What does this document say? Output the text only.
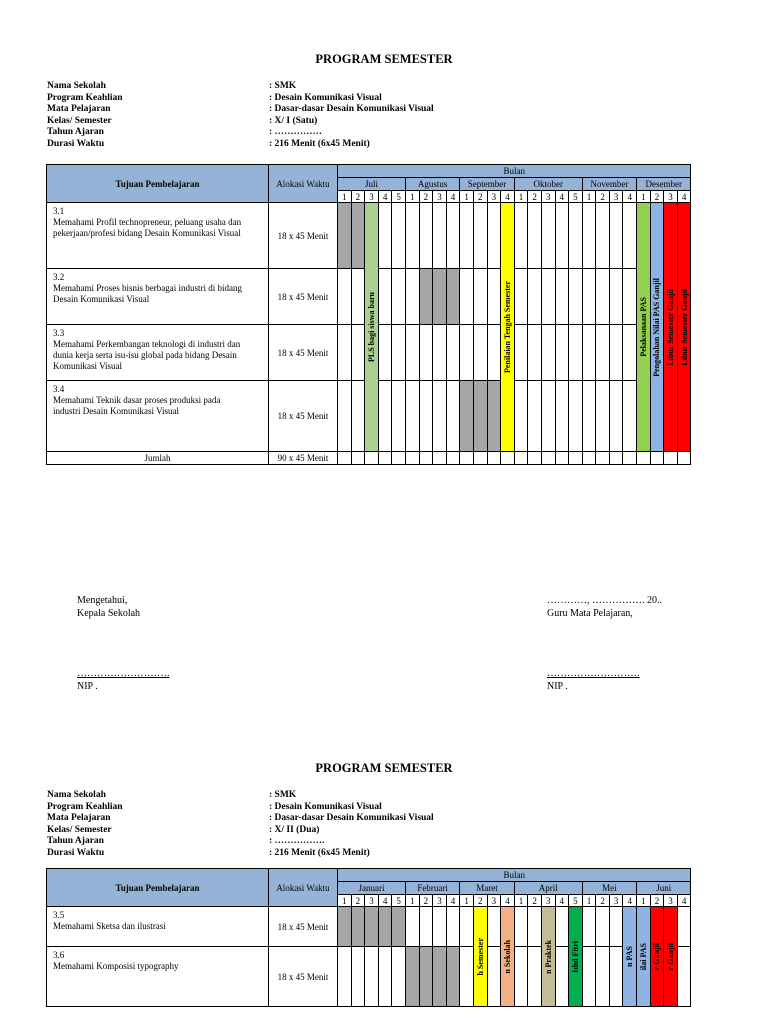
PROGRAM SEMESTER
Nama Sekolah	: SMK
Program Keahlian	: Desain Komunikasi Visual
Mata Pelajaran	: Dasar-dasar Desain Komunikasi Visual
Kelas/ Semester	: X/ I (Satu)
Tahun Ajaran	: ……………
Durasi Waktu	: 216 Menit (6x45 Menit)
Tujuan Pembelajaran	Alokasi Waktu	Bulan																									
		Juli					Agustus				September				Oktober					November				Desember			
		1	2	3	4	5	1	2	3	4	1	2	3	4	1	2	3	4	5	1	2	3	4	1	2	3	4
3.1Memahami Profil technopreneur, peluang usaha dan pekerjaan/profesi bidang Desain Komunikasi Visual	18 x 45 Menit			PLS bagi siswa baru										Penilaian Tengah Semester										Pelaksanaan PAS	Pengolahan Nilai PAS Ganjil	Libur Semester Ganjil	Libur Semester Ganjil

3.2Memahami Proses bisnis berbagai industri di bidang Desain Komunikasi Visual	18 x 45 Menit																										
3.3Memahami Perkembangan teknologi di industri dan dunia kerja serta isu-isu global pada bidang Desain Komunikasi Visual	18 x 45 Menit																										
3.4Memahami Teknik dasar proses produksi pada industri Desain Komunikasi Visual	18 x 45 Menit																										
Jumlah	90 x 45 Menit																										
Mengetahui,
Kepala Sekolah
……………………….
NIP .
…………, ……………. 20..
Guru Mata Pelajaran,
……………………….
NIP .
PROGRAM SEMESTER
Nama Sekolah	: SMK
Program Keahlian	: Desain Komunikasi Visual
Mata Pelajaran	: Dasar-dasar Desain Komunikasi Visual
Kelas/ Semester	: X/ II (Dua)
Tahun Ajaran	: …………….
Durasi Waktu	: 216 Menit (6x45 Menit)
Tujuan Pembelajaran	Alokasi Waktu	Bulan																									
		Januari					Februari				Maret				April					Mei				Juni			
		1	2	3	4	5	1	2	3	4	1	2	3	4	1	2	3	4	5	1	2	3	4	1	2	3	4
3.5Memahami Sketsa dan ilustrasi	18 x 45 Menit											h Semester		n Sekolah			n Praktek		Idul Fitri				n PAS	ilai PAS	r Ganjil	r Ganjil	

3.6Memahami Komposisi typography	18 x 45 Menit																										
